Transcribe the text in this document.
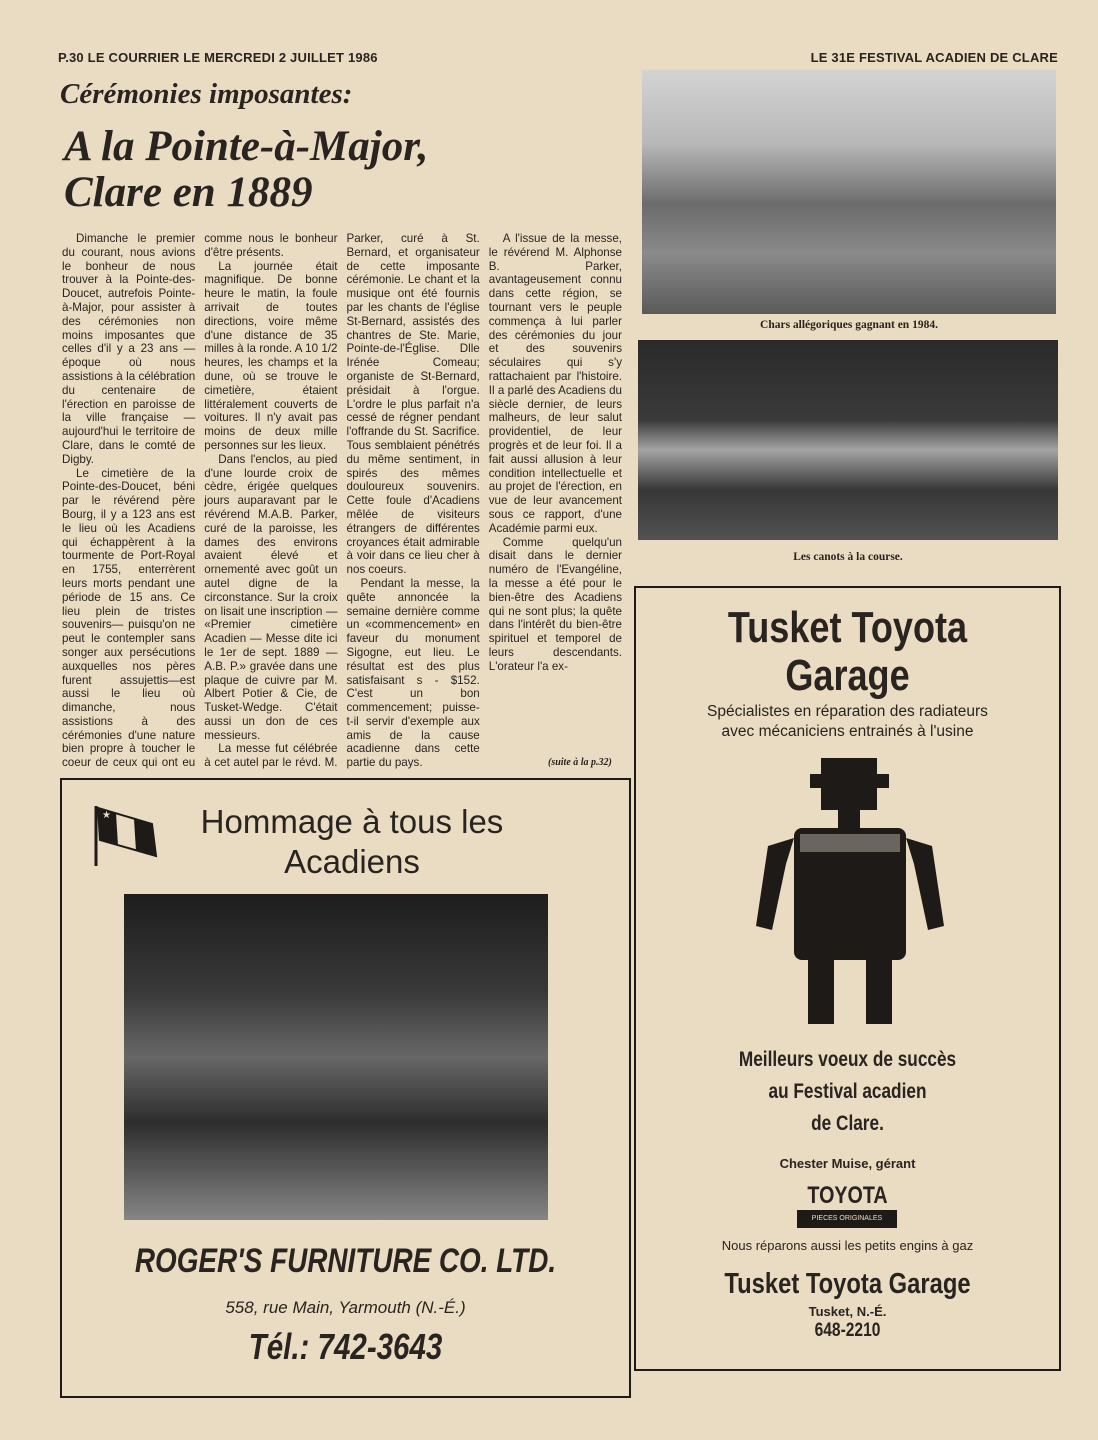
P.30 LE COURRIER LE MERCREDI 2 JUILLET 1986	LE 31E FESTIVAL ACADIEN DE CLARE
Cérémonies imposantes:
A la Pointe-à-Major,
Clare en 1889

Dimanche le premier du courant, nous avions le bonheur de nous trouver à la Pointe-des-Doucet, autrefois Pointe-à-Major, pour assister à des cérémonies non moins imposantes que celles d'il y a 23 ans — époque où nous assistions à la célébration du centenaire de l'érection en paroisse de la ville française — aujourd'hui le territoire de Clare, dans le comté de Digby.

Le cimetière de la Pointe-des-Doucet, béni par le révérend père Bourg, il y a 123 ans est le lieu où les Acadiens qui échappèrent à la tourmente de Port-Royal en 1755, enterrèrent leurs morts pendant une période de 15 ans. Ce lieu plein de tristes souvenirs— puisqu'on ne peut le contempler sans songer aux persécutions auxquelles nos pères furent assujettis—est aussi le lieu où dimanche, nous assistions à des cérémonies d'une nature bien propre à toucher le coeur de ceux qui ont eu comme nous le bonheur d'être présents.

La journée était magnifique. De bonne heure le matin, la foule arrivait de toutes directions, voire même d'une distance de 35 milles à la ronde. A 10 1/2 heures, les champs et la dune, où se trouve le cimetière, étaient littéralement couverts de voitures. Il n'y avait pas moins de deux mille personnes sur les lieux.

Dans l'enclos, au pied d'une lourde croix de cèdre, érigée quelques jours auparavant par le révérend M.A.B. Parker, curé de la paroisse, les dames des environs avaient élevé et ornementé avec goût un autel digne de la circonstance. Sur la croix on lisait une inscription — «Premier cimetière Acadien — Messe dite ici le 1er de sept. 1889 — A.B. P.» gravée dans une plaque de cuivre par M. Albert Potier & Cie, de Tusket-Wedge. C'était aussi un don de ces messieurs.

La messe fut célébrée à cet autel par le révd. M. Parker, curé à St. Bernard, et organisateur de cette imposante cérémonie. Le chant et la musique ont été fournis par les chants de l'église St-Bernard, assistés des chantres de Ste. Marie, Pointe-de-l'Église. Dlle Irénée Comeau; organiste de St-Bernard, présidait à l'orgue. L'ordre le plus parfait n'a cessé de régner pendant l'offrande du St. Sacrifice. Tous semblaient pénétrés du même sentiment, in spirés des mêmes douloureux souvenirs. Cette foule d'Acadiens mêlée de visiteurs étrangers de différentes croyances était admirable à voir dans ce lieu cher à nos coeurs.

Pendant la messe, la quête annoncée la semaine dernière comme un «commencement» en faveur du monument Sigogne, eut lieu. Le résultat est des plus satisfaisant s - $152. C'est un bon commencement; puisse-t-il servir d'exemple aux amis de la cause acadienne dans cette partie du pays.

A l'issue de la messe, le révérend M. Alphonse B. Parker, avantageusement connu dans cette région, se tournant vers le peuple commença à lui parler des cérémonies du jour et des souvenirs séculaires qui s'y rattachaient par l'histoire. Il a parlé des Acadiens du siècle dernier, de leurs malheurs, de leur salut providentiel, de leur progrès et de leur foi. Il a fait aussi allusion à leur condition intellectuelle et au projet de l'érection, en vue de leur avancement sous ce rapport, d'une Académie parmi eux.

Comme quelqu'un disait dans le dernier numéro de l'Evangéline, la messe a été pour le bien-être des Acadiens qui ne sont plus; la quête dans l'intérêt du bien-être spirituel et temporel de leurs descendants. L'orateur l'a ex-

(suite à la p.32)
Chars allégoriques gagnant en 1984.
Les canots à la course.
★	Hommage à tous les
Acadiens
ROGER'S FURNITURE CO. LTD.
558, rue Main, Yarmouth (N.-É.)
Tél.: 742-3643
Tusket Toyota
Garage
Spécialistes en réparation des radiateurs
avec mécaniciens entrainés à l'usine
Meilleurs voeux de succès
au Festival acadien
de Clare.
Chester Muise, gérant
TOYOTA
PIECES ORIGINALES
Nous réparons aussi les petits engins à gaz
Tusket Toyota Garage
Tusket, N.-É.
648-2210
